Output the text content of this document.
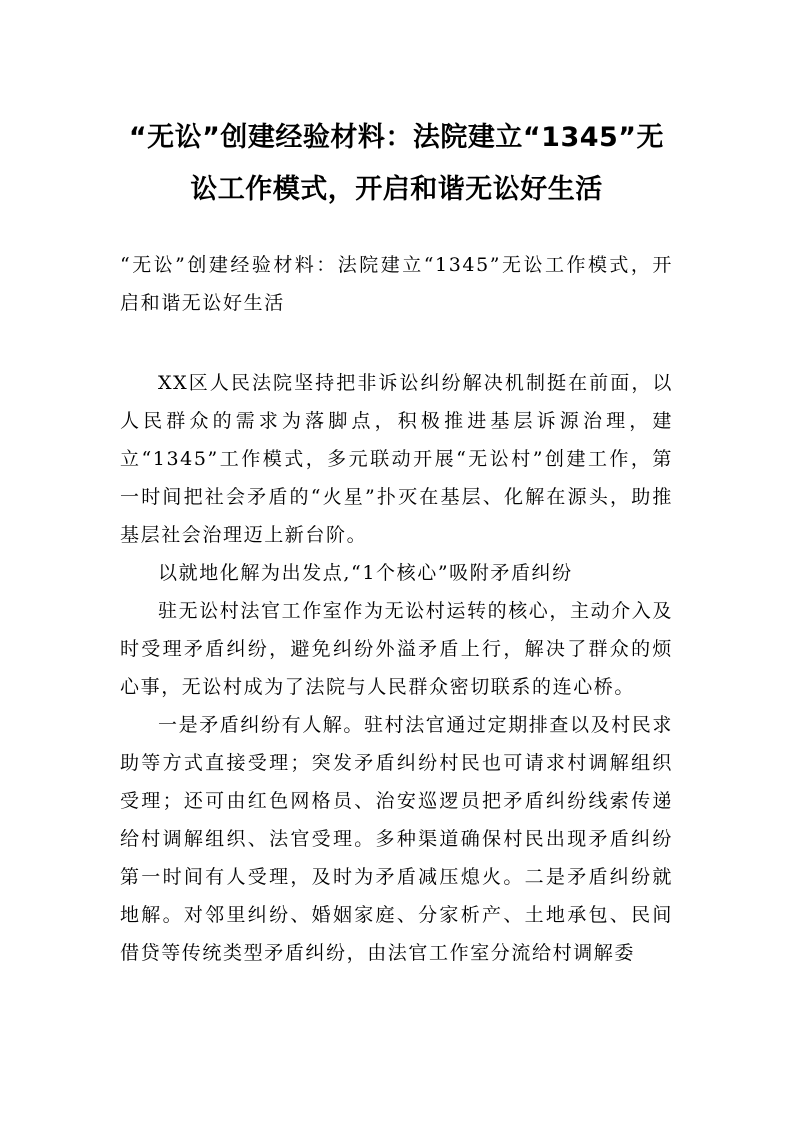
“无讼”创建经验材料：法院建立“1345”无讼工作模式，开启和谐无讼好生活

“无讼”创建经验材料：法院建立“1345”无讼工作模式，开启和谐无讼好生活

XX区人民法院坚持把非诉讼纠纷解决机制挺在前面，以人民群众的需求为落脚点，积极推进基层诉源治理，建立“1345”工作模式，多元联动开展“无讼村”创建工作，第一时间把社会矛盾的“火星”扑灭在基层、化解在源头，助推基层社会治理迈上新台阶。

以就地化解为出发点,“1个核心”吸附矛盾纠纷

驻无讼村法官工作室作为无讼村运转的核心，主动介入及时受理矛盾纠纷，避免纠纷外溢矛盾上行，解决了群众的烦心事，无讼村成为了法院与人民群众密切联系的连心桥。

一是矛盾纠纷有人解。驻村法官通过定期排查以及村民求助等方式直接受理；突发矛盾纠纷村民也可请求村调解组织受理；还可由红色网格员、治安巡逻员把矛盾纠纷线索传递给村调解组织、法官受理。多种渠道确保村民出现矛盾纠纷第一时间有人受理，及时为矛盾减压熄火。二是矛盾纠纷就地解。对邻里纠纷、婚姻家庭、分家析产、土地承包、民间借贷等传统类型矛盾纠纷，由法官工作室分流给村调解委
